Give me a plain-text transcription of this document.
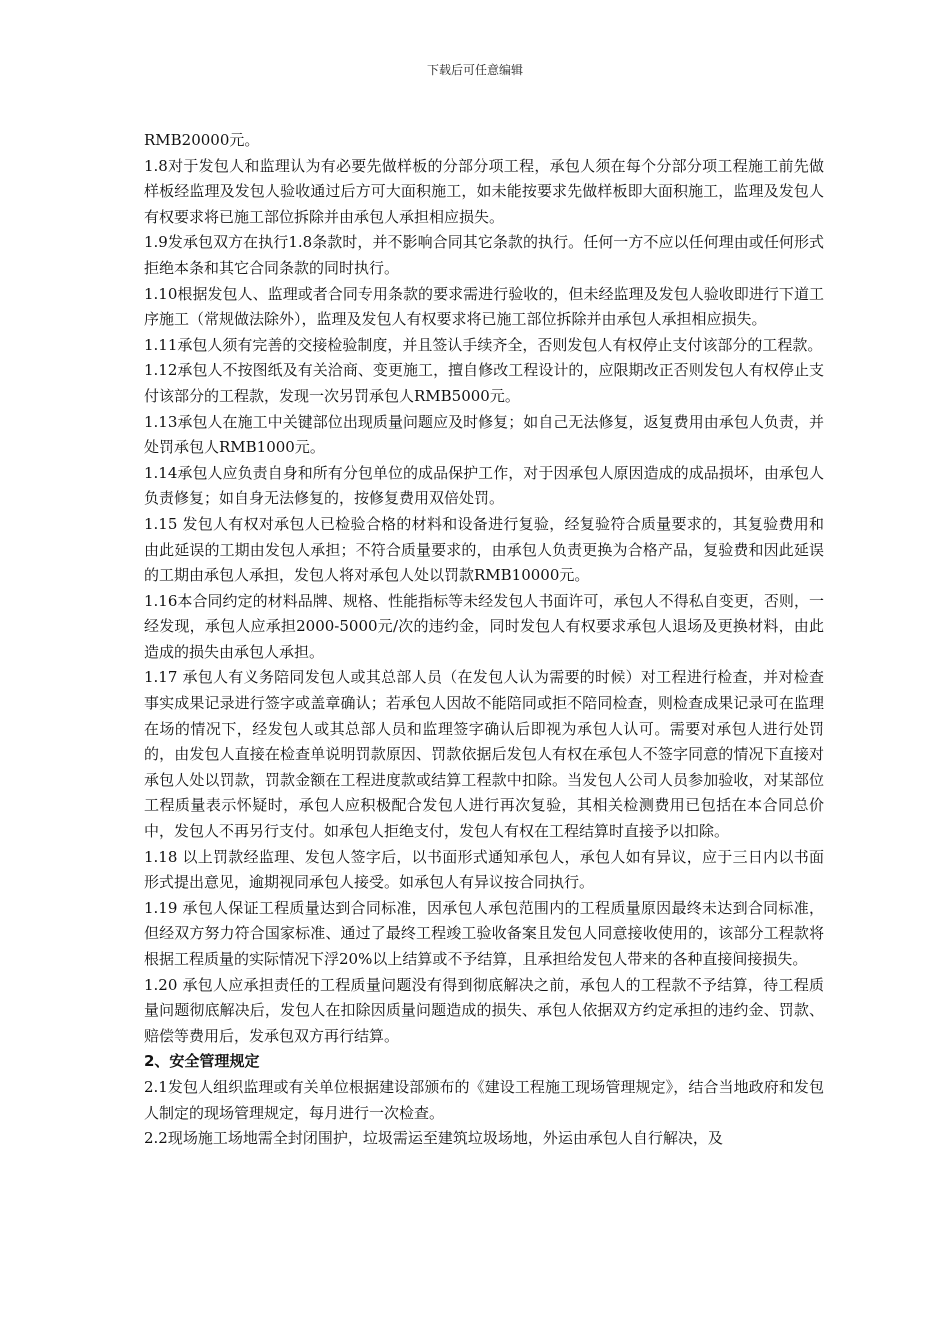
下载后可任意编辑

RMB20000元。

1.8对于发包人和监理认为有必要先做样板的分部分项工程，承包人须在每个分部分项工程施工前先做样板经监理及发包人验收通过后方可大面积施工，如未能按要求先做样板即大面积施工，监理及发包人有权要求将已施工部位拆除并由承包人承担相应损失。

1.9发承包双方在执行1.8条款时，并不影响合同其它条款的执行。任何一方不应以任何理由或任何形式拒绝本条和其它合同条款的同时执行。

1.10根据发包人、监理或者合同专用条款的要求需进行验收的，但未经监理及发包人验收即进行下道工序施工（常规做法除外），监理及发包人有权要求将已施工部位拆除并由承包人承担相应损失。

1.11承包人须有完善的交接检验制度，并且签认手续齐全，否则发包人有权停止支付该部分的工程款。

1.12承包人不按图纸及有关洽商、变更施工，擅自修改工程设计的，应限期改正否则发包人有权停止支付该部分的工程款，发现一次另罚承包人RMB5000元。

1.13承包人在施工中关键部位出现质量问题应及时修复；如自己无法修复，返复费用由承包人负责，并处罚承包人RMB1000元。

1.14承包人应负责自身和所有分包单位的成品保护工作，对于因承包人原因造成的成品损坏，由承包人负责修复；如自身无法修复的，按修复费用双倍处罚。

1.15 发包人有权对承包人已检验合格的材料和设备进行复验，经复验符合质量要求的，其复验费用和由此延误的工期由发包人承担；不符合质量要求的，由承包人负责更换为合格产品，复验费和因此延误的工期由承包人承担，发包人将对承包人处以罚款RMB10000元。

1.16本合同约定的材料品牌、规格、性能指标等未经发包人书面许可，承包人不得私自变更，否则，一经发现，承包人应承担2000-5000元/次的违约金，同时发包人有权要求承包人退场及更换材料，由此造成的损失由承包人承担。

1.17 承包人有义务陪同发包人或其总部人员（在发包人认为需要的时候）对工程进行检查，并对检查事实成果记录进行签字或盖章确认；若承包人因故不能陪同或拒不陪同检查，则检查成果记录可在监理在场的情况下，经发包人或其总部人员和监理签字确认后即视为承包人认可。需要对承包人进行处罚的，由发包人直接在检查单说明罚款原因、罚款依据后发包人有权在承包人不签字同意的情况下直接对承包人处以罚款，罚款金额在工程进度款或结算工程款中扣除。当发包人公司人员参加验收，对某部位工程质量表示怀疑时，承包人应积极配合发包人进行再次复验，其相关检测费用已包括在本合同总价中，发包人不再另行支付。如承包人拒绝支付，发包人有权在工程结算时直接予以扣除。

1.18 以上罚款经监理、发包人签字后，以书面形式通知承包人，承包人如有异议，应于三日内以书面形式提出意见，逾期视同承包人接受。如承包人有异议按合同执行。

1.19 承包人保证工程质量达到合同标准，因承包人承包范围内的工程质量原因最终未达到合同标准，但经双方努力符合国家标准、通过了最终工程竣工验收备案且发包人同意接收使用的，该部分工程款将根据工程质量的实际情况下浮20%以上结算或不予结算，且承担给发包人带来的各种直接间接损失。

1.20 承包人应承担责任的工程质量问题没有得到彻底解决之前，承包人的工程款不予结算，待工程质量问题彻底解决后，发包人在扣除因质量问题造成的损失、承包人依据双方约定承担的违约金、罚款、赔偿等费用后，发承包双方再行结算。

2、安全管理规定

2.1发包人组织监理或有关单位根据建设部颁布的《建设工程施工现场管理规定》，结合当地政府和发包人制定的现场管理规定，每月进行一次检查。

2.2现场施工场地需全封闭围护，垃圾需运至建筑垃圾场地，外运由承包人自行解决，及
